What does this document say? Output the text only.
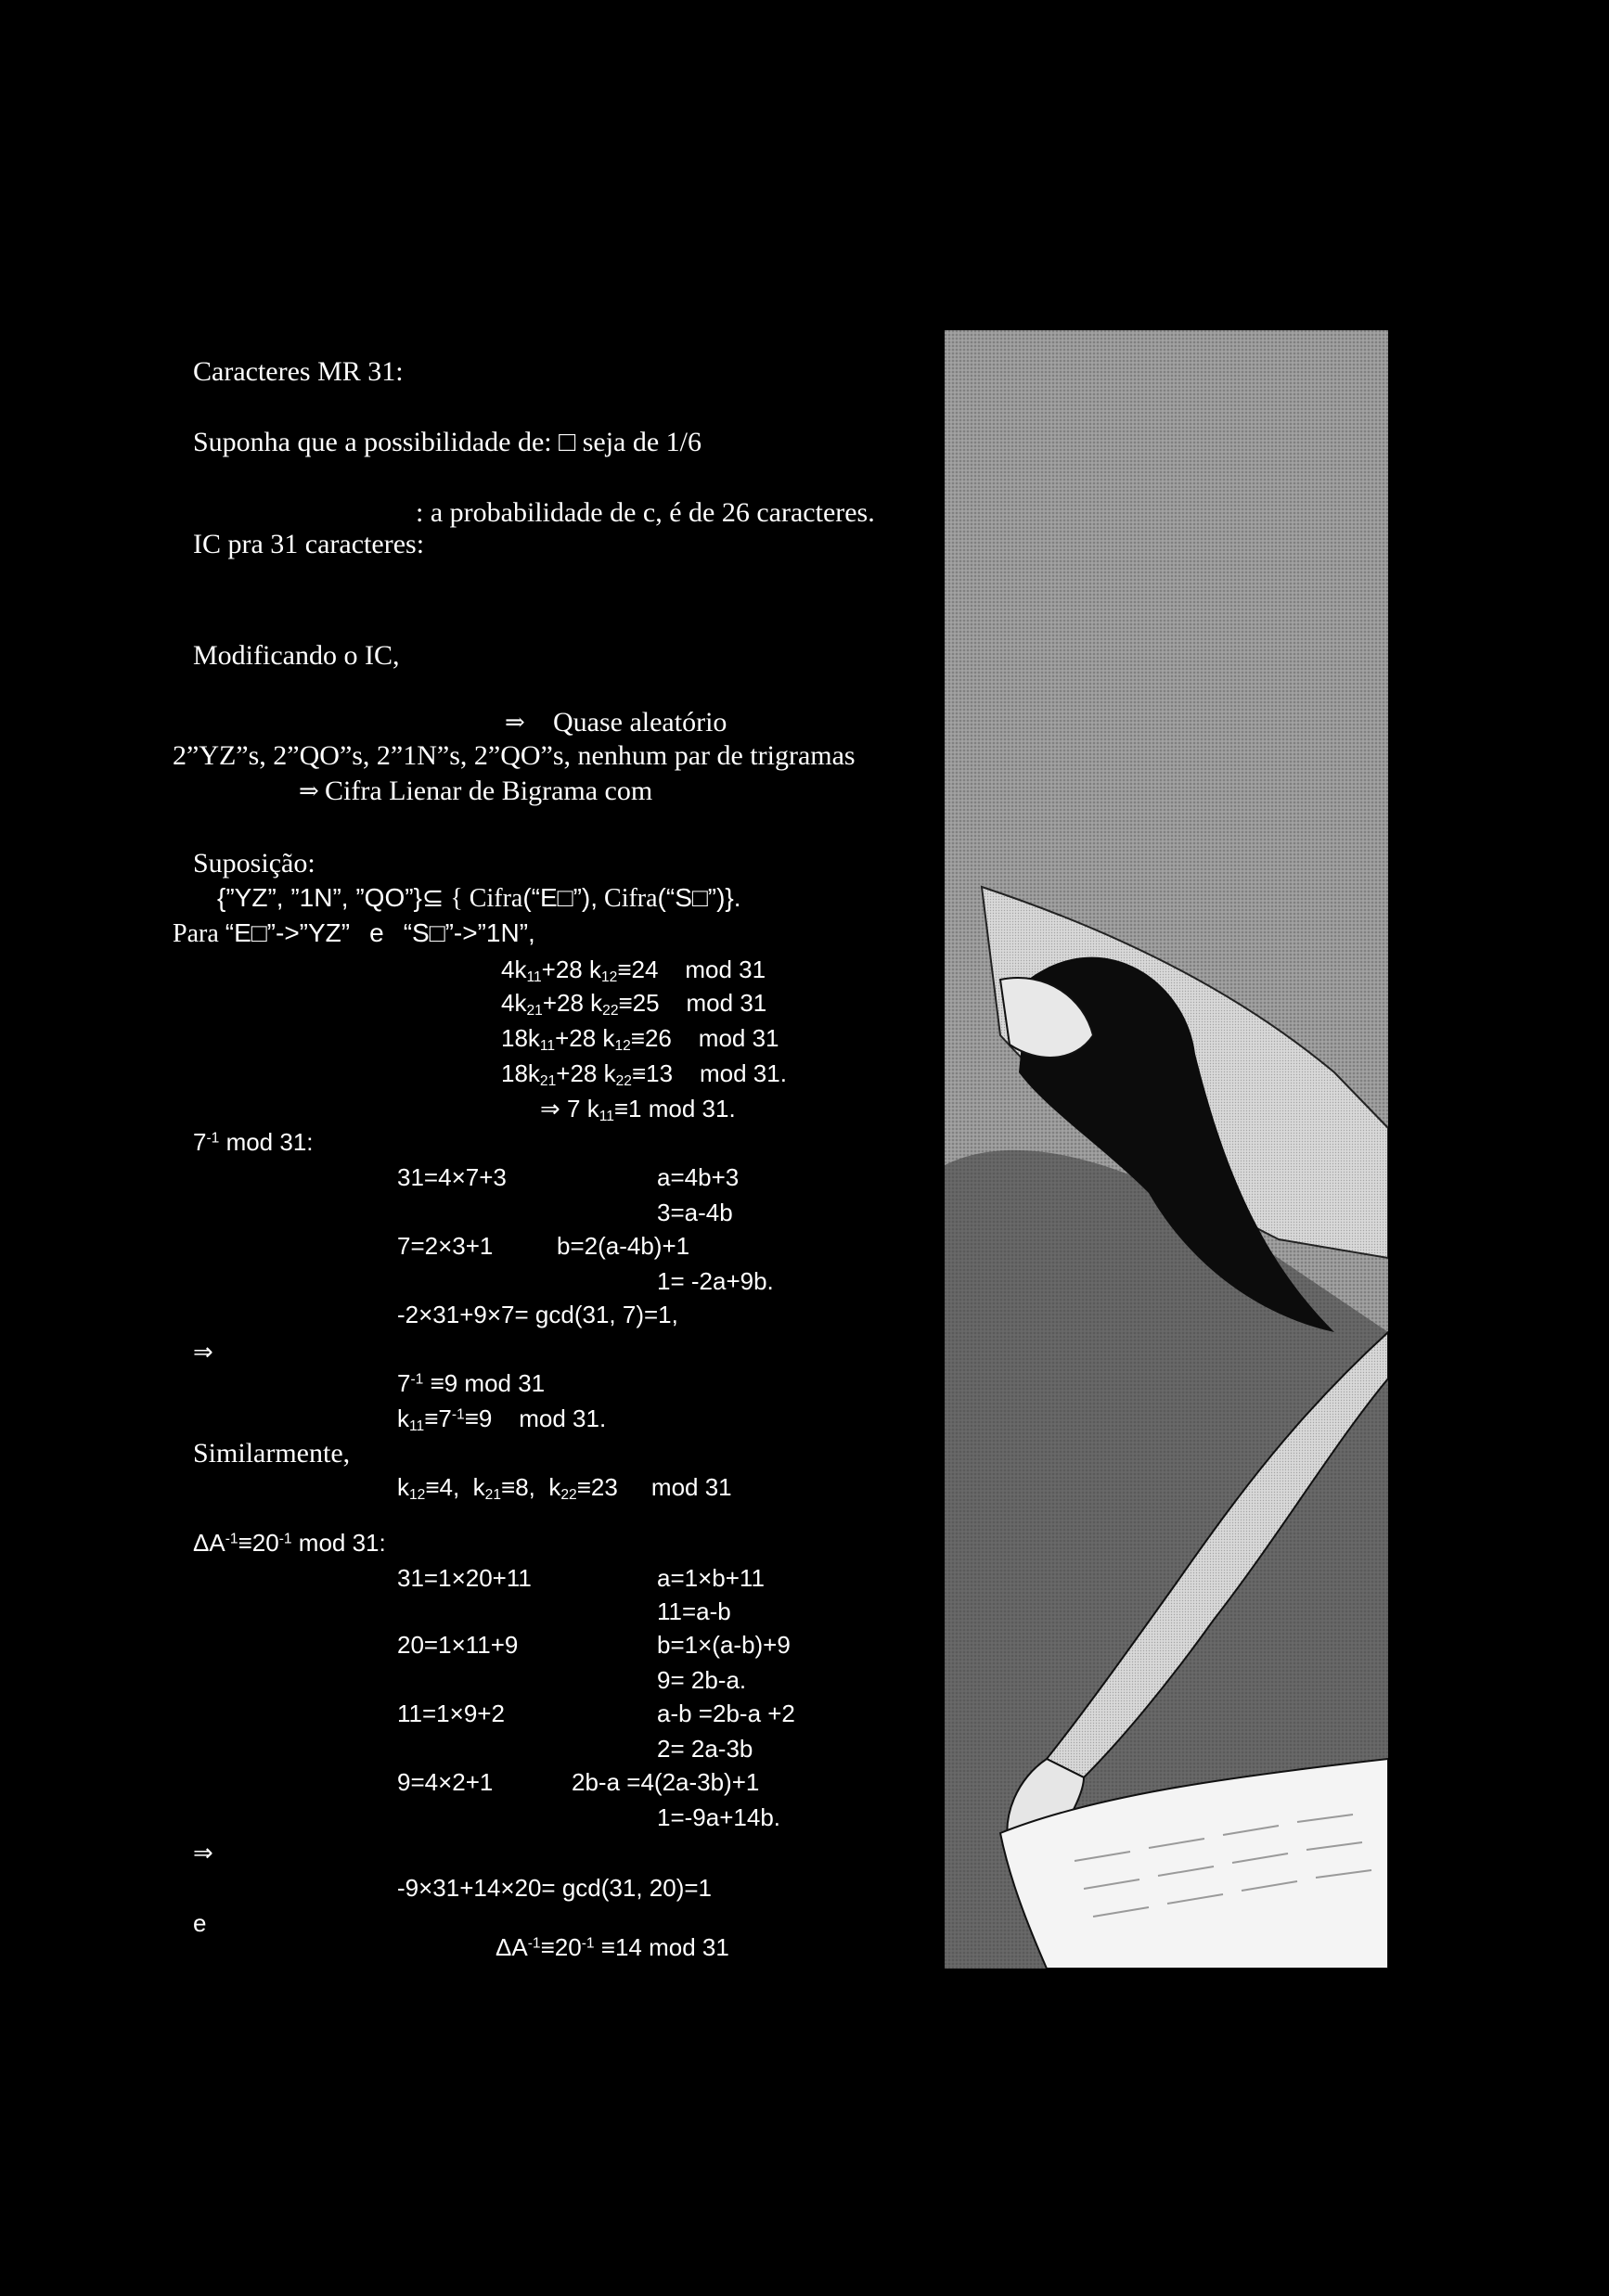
Caracteres MR 31:
Suponha que a possibilidade de: □ seja de 1/6
: a probabilidade de c, é de 26 caracteres.
IC pra 31 caracteres:
Modificando o IC,
⇒ Quase aleatório
2”YZ”s, 2”QO”s, 2”1N”s, 2”QO”s, nenhum par de trigramas
⇒ Cifra Lienar de Bigrama com
Suposição:
{”YZ”, ”1N”, ”QO”}⊆ { Cifra(“E□”), Cifra(“S□”)}.
Para “E□”->”YZ” e “S□”->”1N”,
$4k_{11}+28$ $k_{12}\equiv 24$ mod 31
$4k_{21}+28$ $k_{22}\equiv 25$ mod 31
$18k_{11}+28$ $k_{12}\equiv 26$ mod 31
$18k_{21}+28$ $k_{22}\equiv 13$ mod 31.
⇒ 7 $k_{11}\equiv 1$ mod 31.
$7^{-1}$ mod 31:
31=4×7+3	a=4b+3
3=a-4b
7=2×3+1	b=2(a-4b)+1
1= -2a+9b.
-2×31+9×7= gcd(31, 7)=1,
⇒
$7^{-1} \equiv 9$ mod 31
$k_{11}\equiv 7^{-1}\equiv 9$ mod 31.
Similarmente,
$k_{12}\equiv 4$, $k_{21}\equiv 8$, $k_{22}\equiv 23$ mod 31
$\Delta A^{-1}\equiv 20^{-1}$ mod 31:
31=1×20+11	a=1×b+11
11=a-b
20=1×11+9	b=1×(a-b)+9
9= 2b-a.
11=1×9+2	a-b =2b-a +2
2= 2a-3b
9=4×2+1	2b-a =4(2a-3b)+1
1=-9a+14b.
⇒
-9×31+14×20= gcd(31, 20)=1
e
$\Delta A^{-1}\equiv 20^{-1} \equiv 14$ mod 31
